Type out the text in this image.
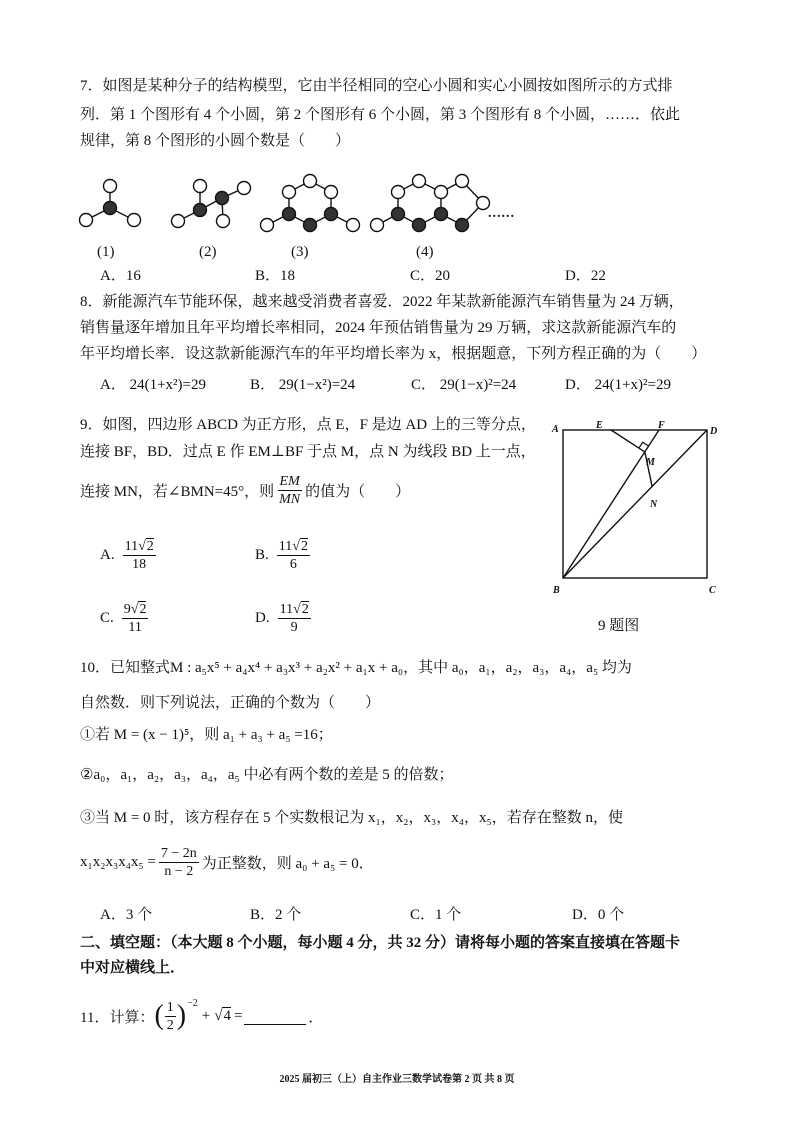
7．如图是某种分子的结构模型，它由半径相同的空心小圆和实心小圆按如图所示的方式排
列．第 1 个图形有 4 个小圆，第 2 个图形有 6 个小圆，第 3 个图形有 8 个小圆，……．依此
规律，第 8 个图形的小圆个数是（　　）
......
(1)	(2)	(3)	(4)
A．16	B．18	C．20	D．22
8．新能源汽车节能环保，越来越受消费者喜爱．2022 年某款新能源汽车销售量为 24 万辆，
销售量逐年增加且年平均增长率相同，2024 年预估销售量为 29 万辆，求这款新能源汽车的
年平均增长率．设这款新能源汽车的年平均增长率为 x，根据题意，下列方程正确的为（　　）
A． 24(1+x²)=29	B． 29(1−x²)=24	C． 29(1−x)²=24	D． 24(1+x)²=29
9．如图，四边形 ABCD 为正方形，点 E，F 是边 AD 上的三等分点，
连接 BF，BD．过点 E 作 EM⊥BF 于点 M，点 N 为线段 BD 上一点，
连接 MN，若∠BMN=45°，则 $\frac{EM}{MN}$ 的值为（　　）
A. $\frac{11√2}{18}$	B. $\frac{11√2}{6}$
C. $\frac{9√2}{11}$	D. $\frac{11√2}{9}$
A	E	F
D
M
N
B	C
9 题图
10．已知整式M : a₅x⁵ + a₄x⁴ + a₃x³ + a₂x² + a₁x + a₀，其中 a₀，a₁，a₂，a₃，a₄，a₅ 均为
自然数．则下列说法，正确的个数为（　　）
①若 M = (x − 1)⁵，则 a₁ + a₃ + a₅ =16；
②a₀，a₁，a₂，a₃，a₄，a₅ 中必有两个数的差是 5 的倍数；
③当 M = 0 时，该方程存在 5 个实数根记为 x₁，x₂，x₃，x₄，x₅，若存在整数 n，使
$x_1x_2x_3x_4x_5 = \frac{7 - 2n}{n - 2}$ 为正整数，则 a₀ + a₅ = 0．
A．3 个	B．2 个	C．1 个	D．0 个
二、填空题：（本大题 8 个小题，每小题 4 分，共 32 分）请将每小题的答案直接填在答题卡
中对应横线上．
11．计算： ( $\frac{1}{2}$ ) −2
+ √ 4 =	．
2025 届初三（上）自主作业三数学试卷第 2 页 共 8 页
